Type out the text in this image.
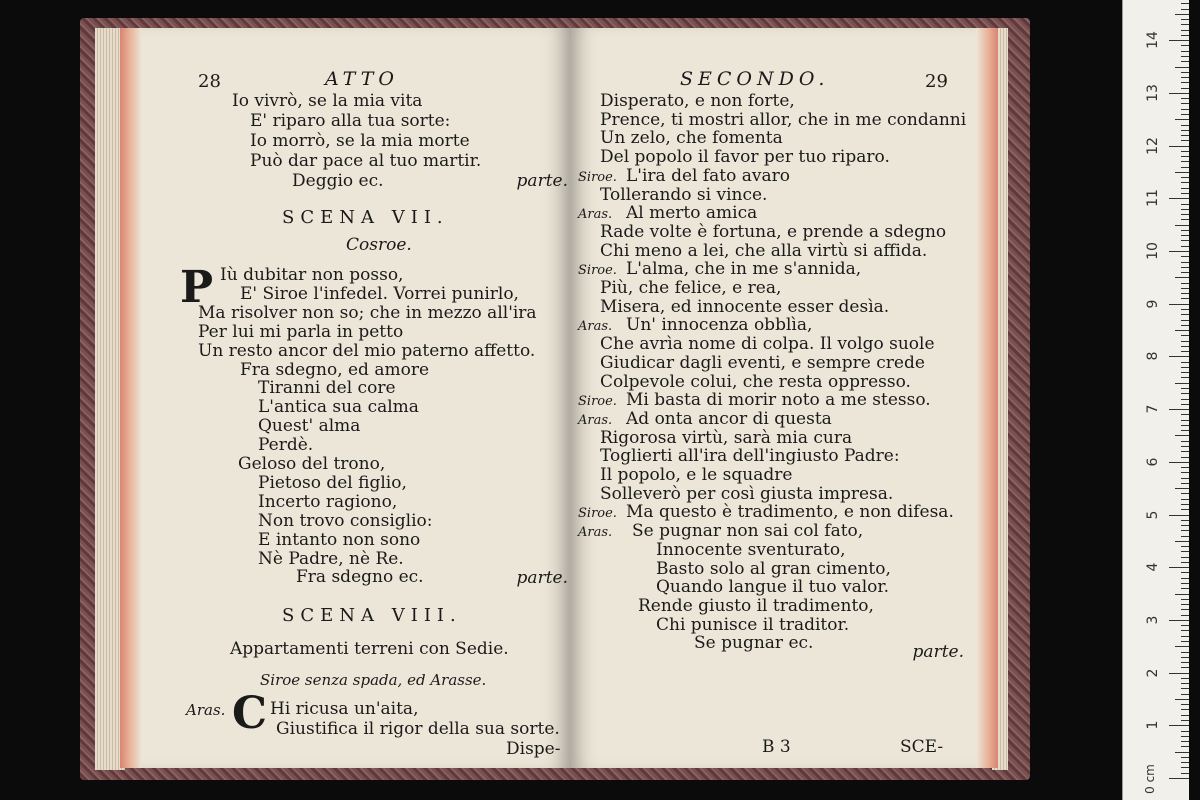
28	ATTO
Io vivrò, se la mia vita
E' riparo alla tua sorte:
Io morrò, se la mia morte
Può dar pace al tuo martir.
Deggio ec.	parte.
SCENA VII.
Cosroe.
P Iù dubitar non posso,
E' Siroe l'infedel. Vorrei punirlo,
Ma risolver non so; che in mezzo all'ira
Per lui mi parla in petto
Un resto ancor del mio paterno affetto.
Fra sdegno, ed amore
Tiranni del core
L'antica sua calma
Quest' alma
Perdè.
Geloso del trono,
Pietoso del figlio,
Incerto ragiono,
Non trovo consiglio:
E intanto non sono
Nè Padre, nè Re.
Fra sdegno ec.	parte.
SCENA VIII.
Appartamenti terreni con Sedie.
Siroe senza spada, ed Arasse.
Aras. C Hi ricusa un'aita,
Giustifica il rigor della sua sorte.
Dispe-
SECONDO.	29
Disperato, e non forte,
Prence, ti mostri allor, che in me condanni
Un zelo, che fomenta
Del popolo il favor per tuo riparo.
Siroe. L'ira del fato avaro
Tollerando si vince.
Aras. Al merto amica
Rade volte è fortuna, e prende a sdegno
Chi meno a lei, che alla virtù si affida.
Siroe. L'alma, che in me s'annida,
Più, che felice, e rea,
Misera, ed innocente esser desìa.
Aras. Un' innocenza obblìa,
Che avrìa nome di colpa. Il volgo suole
Giudicar dagli eventi, e sempre crede
Colpevole colui, che resta oppresso.
Siroe. Mi basta di morir noto a me stesso.
Aras. Ad onta ancor di questa
Rigorosa virtù, sarà mia cura
Toglierti all'ira dell'ingiusto Padre:
Il popolo, e le squadre
Solleverò per così giusta impresa.
Siroe. Ma questo è tradimento, e non difesa.
Aras. Se pugnar non sai col fato,
Innocente sventurato,
Basto solo al gran cimento,
Quando langue il tuo valor.
Rende giusto il tradimento,
Chi punisce il traditor.
Se pugnar ec.	parte.
B 3	SCE-
1
2
3
4
5
6
7
8
9
10
11
12
13
14
0 cm
